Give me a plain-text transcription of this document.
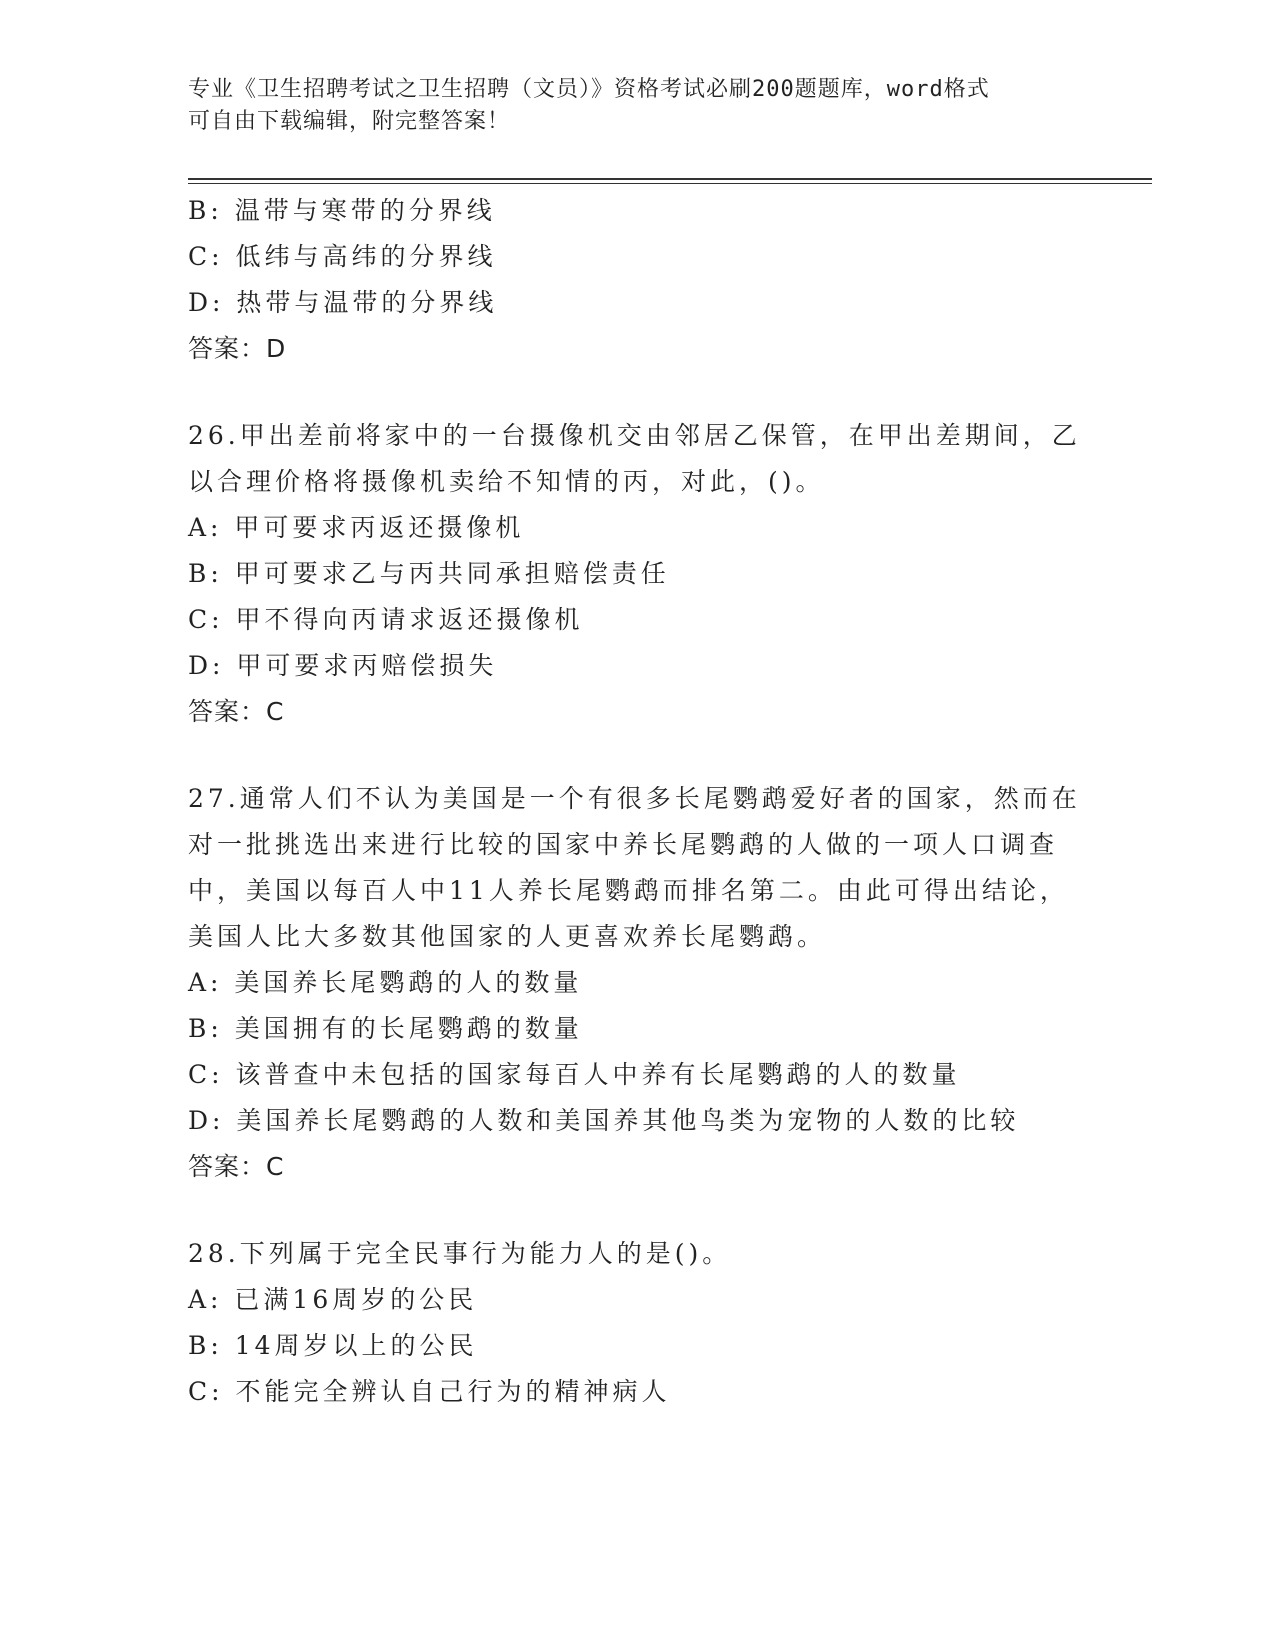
专业《卫生招聘考试之卫生招聘（文员）》资格考试必刷200题题库，word格式
可自由下载编辑，附完整答案！
B: 温带与寒带的分界线
C: 低纬与高纬的分界线
D: 热带与温带的分界线
答案：D
26.甲出差前将家中的一台摄像机交由邻居乙保管，在甲出差期间，乙
以合理价格将摄像机卖给不知情的丙，对此，()。
A: 甲可要求丙返还摄像机
B: 甲可要求乙与丙共同承担赔偿责任
C: 甲不得向丙请求返还摄像机
D: 甲可要求丙赔偿损失
答案：C
27.通常人们不认为美国是一个有很多长尾鹦鹉爱好者的国家，然而在
对一批挑选出来进行比较的国家中养长尾鹦鹉的人做的一项人口调查
中，美国以每百人中11人养长尾鹦鹉而排名第二。由此可得出结论，
美国人比大多数其他国家的人更喜欢养长尾鹦鹉。
A: 美国养长尾鹦鹉的人的数量
B: 美国拥有的长尾鹦鹉的数量
C: 该普查中未包括的国家每百人中养有长尾鹦鹉的人的数量
D: 美国养长尾鹦鹉的人数和美国养其他鸟类为宠物的人数的比较
答案：C
28.下列属于完全民事行为能力人的是()。
A: 已满16周岁的公民
B: 14周岁以上的公民
C: 不能完全辨认自己行为的精神病人
